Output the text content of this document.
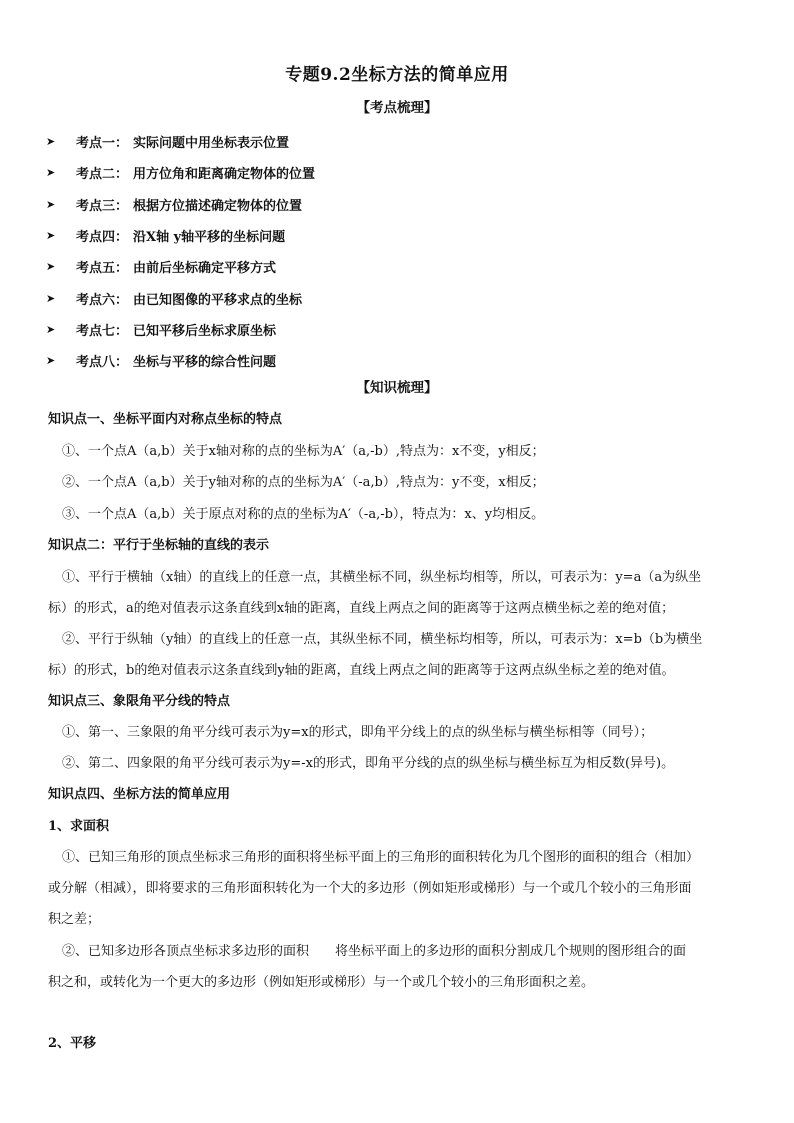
专题9.2坐标方法的简单应用
【考点梳理】
➤	考点一： 实际问题中用坐标表示位置
➤	考点二： 用方位角和距离确定物体的位置
➤	考点三： 根据方位描述确定物体的位置
➤	考点四： 沿X轴 y轴平移的坐标问题
➤	考点五： 由前后坐标确定平移方式
➤	考点六： 由已知图像的平移求点的坐标
➤	考点七： 已知平移后坐标求原坐标
➤	考点八： 坐标与平移的综合性问题
【知识梳理】
知识点一、坐标平面内对称点坐标的特点
①、一个点A（a,b）关于x轴对称的点的坐标为A′（a,-b）,特点为：x不变，y相反；
②、一个点A（a,b）关于y轴对称的点的坐标为A′（-a,b）,特点为：y不变，x相反；
③、一个点A（a,b）关于原点对称的点的坐标为A′（-a,-b），特点为：x、y均相反。
知识点二：平行于坐标轴的直线的表示
①、平行于横轴（x轴）的直线上的任意一点，其横坐标不同，纵坐标均相等，所以，可表示为：y=a（a为纵坐
标）的形式，a的绝对值表示这条直线到x轴的距离，直线上两点之间的距离等于这两点横坐标之差的绝对值；
②、平行于纵轴（y轴）的直线上的任意一点，其纵坐标不同，横坐标均相等，所以，可表示为：x=b（b为横坐
标）的形式，b的绝对值表示这条直线到y轴的距离，直线上两点之间的距离等于这两点纵坐标之差的绝对值。
知识点三、象限角平分线的特点
①、第一、三象限的角平分线可表示为y=x的形式，即角平分线上的点的纵坐标与横坐标相等（同号）；
②、第二、四象限的角平分线可表示为y=-x的形式，即角平分线的点的纵坐标与横坐标互为相反数(异号)。
知识点四、坐标方法的简单应用
1、求面积
①、已知三角形的顶点坐标求三角形的面积将坐标平面上的三角形的面积转化为几个图形的面积的组合（相加）
或分解（相减），即将要求的三角形面积转化为一个大的多边形（例如矩形或梯形）与一个或几个较小的三角形面
积之差；
②、已知多边形各顶点坐标求多边形的面积　　将坐标平面上的多边形的面积分割成几个规则的图形组合的面
积之和，或转化为一个更大的多边形（例如矩形或梯形）与一个或几个较小的三角形面积之差。
2、平移
